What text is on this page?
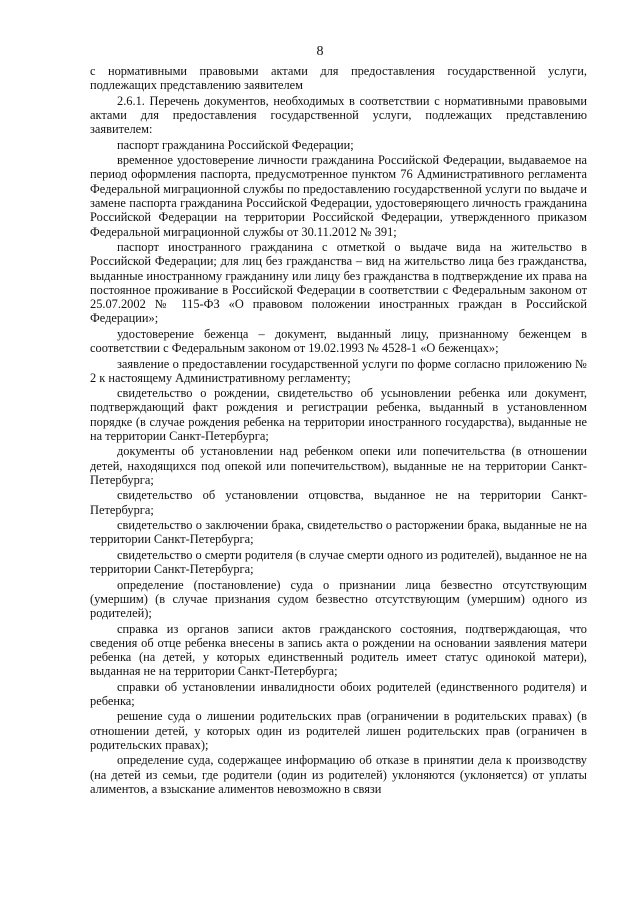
8

с нормативными правовыми актами для предоставления государственной услуги, подлежащих представлению заявителем

2.6.1. Перечень документов, необходимых в соответствии с нормативными правовыми актами для предоставления государственной услуги, подлежащих представлению заявителем:

паспорт гражданина Российской Федерации;

временное удостоверение личности гражданина Российской Федерации, выдаваемое на период оформления паспорта, предусмотренное пунктом 76 Административного регламента Федеральной миграционной службы по предоставлению государственной услуги по выдаче и замене паспорта гражданина Российской Федерации, удостоверяющего личность гражданина Российской Федерации на территории Российской Федерации, утвержденного приказом Федеральной миграционной службы от 30.11.2012 № 391;

паспорт иностранного гражданина с отметкой о выдаче вида на жительство в Российской Федерации; для лиц без гражданства – вид на жительство лица без гражданства, выданные иностранному гражданину или лицу без гражданства в подтверждение их права на постоянное проживание в Российской Федерации в соответствии с Федеральным законом от 25.07.2002 № 115-ФЗ «О правовом положении иностранных граждан в Российской Федерации»;

удостоверение беженца – документ, выданный лицу, признанному беженцем в соответствии с Федеральным законом от 19.02.1993 № 4528-1 «О беженцах»;

заявление о предоставлении государственной услуги по форме согласно приложению № 2 к настоящему Административному регламенту;

свидетельство о рождении, свидетельство об усыновлении ребенка или документ, подтверждающий факт рождения и регистрации ребенка, выданный в установленном порядке (в случае рождения ребенка на территории иностранного государства), выданные не на территории Санкт-Петербурга;

документы об установлении над ребенком опеки или попечительства (в отношении детей, находящихся под опекой или попечительством), выданные не на территории Санкт-Петербурга;

свидетельство об установлении отцовства, выданное не на территории Санкт-Петербурга;

свидетельство о заключении брака, свидетельство о расторжении брака, выданные не на территории Санкт-Петербурга;

свидетельство о смерти родителя (в случае смерти одного из родителей), выданное не на территории Санкт-Петербурга;

определение (постановление) суда о признании лица безвестно отсутствующим (умершим) (в случае признания судом безвестно отсутствующим (умершим) одного из родителей);

справка из органов записи актов гражданского состояния, подтверждающая, что сведения об отце ребенка внесены в запись акта о рождении на основании заявления матери ребенка (на детей, у которых единственный родитель имеет статус одинокой матери), выданная не на территории Санкт-Петербурга;

справки об установлении инвалидности обоих родителей (единственного родителя) и ребенка;

решение суда о лишении родительских прав (ограничении в родительских правах) (в отношении детей, у которых один из родителей лишен родительских прав (ограничен в родительских правах);

определение суда, содержащее информацию об отказе в принятии дела к производству (на детей из семьи, где родители (один из родителей) уклоняются (уклоняется) от уплаты алиментов, а взыскание алиментов невозможно в связи
